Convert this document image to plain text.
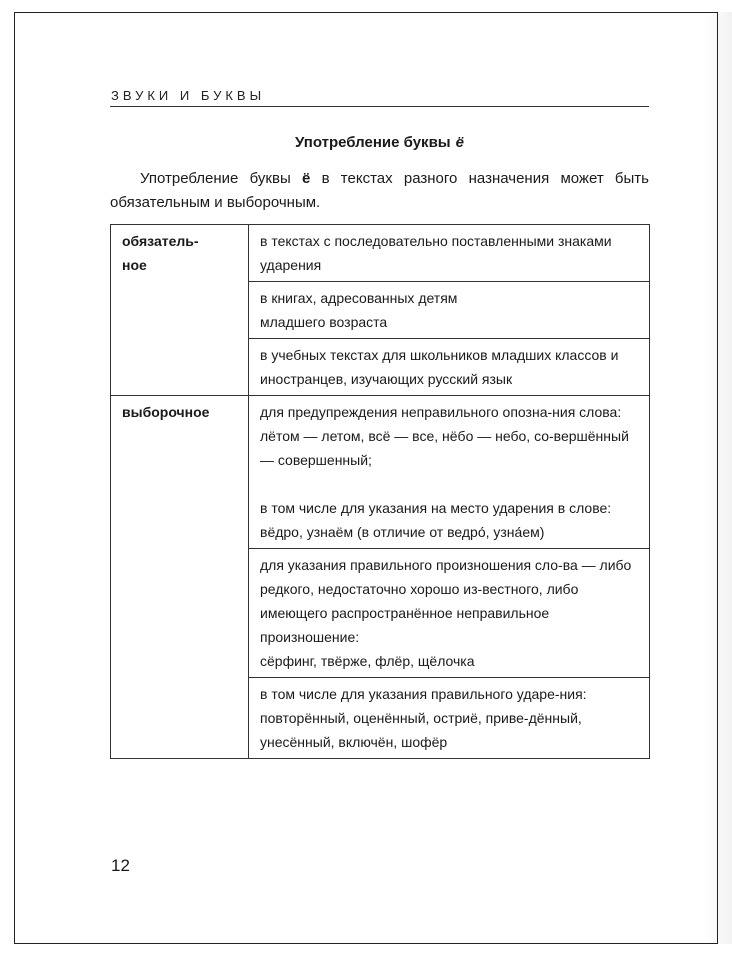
ЗВУКИ И БУКВЫ
Употребление буквы ё
Употребление буквы ё в текстах разного назначения может быть обязательным и выборочным.
обязатель-
ное	в текстах с последовательно поставленными знаками ударения
	в книгах, адресованных детям
младшего возраста
	в учебных текстах для школьников младших классов и иностранцев, изучающих русский язык

выборочное	для предупреждения неправильного опозна-ния слова:
лётом — летом, всё — все, нёбо — небо, со-вершённый — совершенный;
в том числе для указания на место ударения в слове:
вёдро, узнаём (в отличие от ведро́, узна́ем)

	для указания правильного произношения сло-ва — либо редкого, недостаточно хорошо из-вестного, либо имеющего распространённое неправильное произношение:
сёрфинг, твёрже, флёр, щёлочка

	в том числе для указания правильного ударе-ния: повторённый, оценённый, остриё, приве-дённый, унесённый, включён, шофёр
12
